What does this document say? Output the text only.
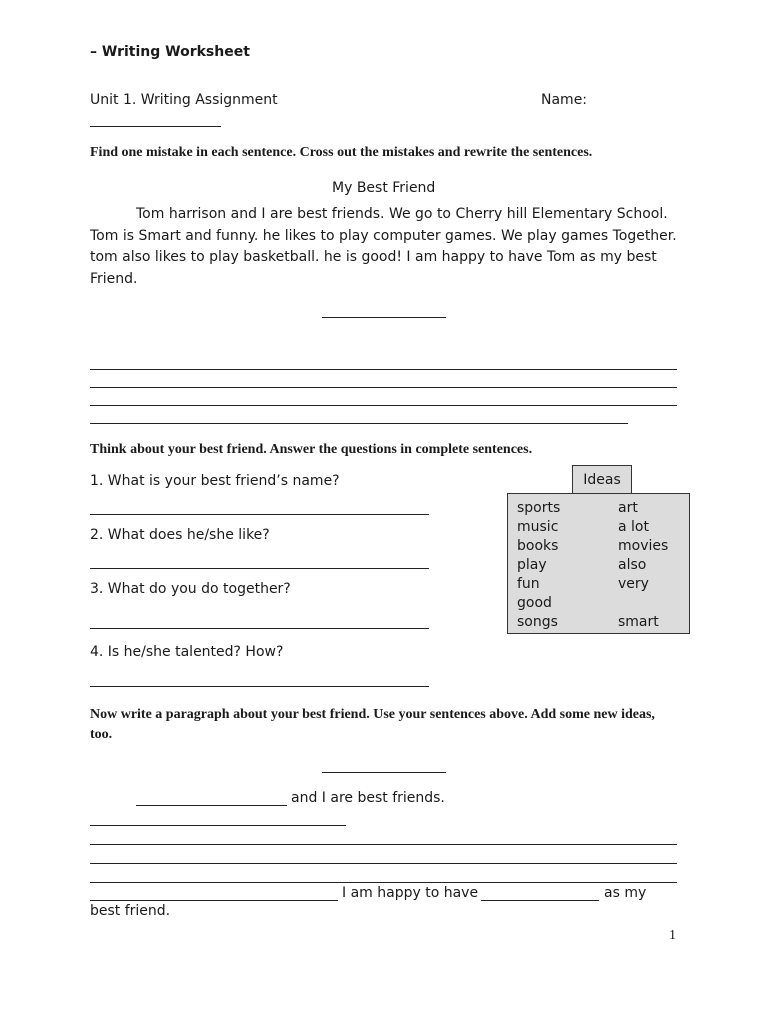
– Writing Worksheet
Unit 1. Writing Assignment	Name:
Find one mistake in each sentence. Cross out the mistakes and rewrite the sentences.
My Best Friend
Tom harrison and I are best friends. We go to Cherry hill Elementary School. Tom is Smart and funny. he likes to play computer games. We play games Together. tom also likes to play basketball. he is good! I am happy to have Tom as my best Friend.
Think about your best friend. Answer the questions in complete sentences.
1. What is your best friend’s name?
2. What does he/she like?
3. What do you do together?
4. Is he/she talented? How?
Ideas
sports
music
books
play
fun
good
songs
art
a lot
movies
also
very
smart
Now write a paragraph about your best friend. Use your sentences above. Add some new ideas, too.
and I are best friends.
I am happy to have	as my
best friend.
1
